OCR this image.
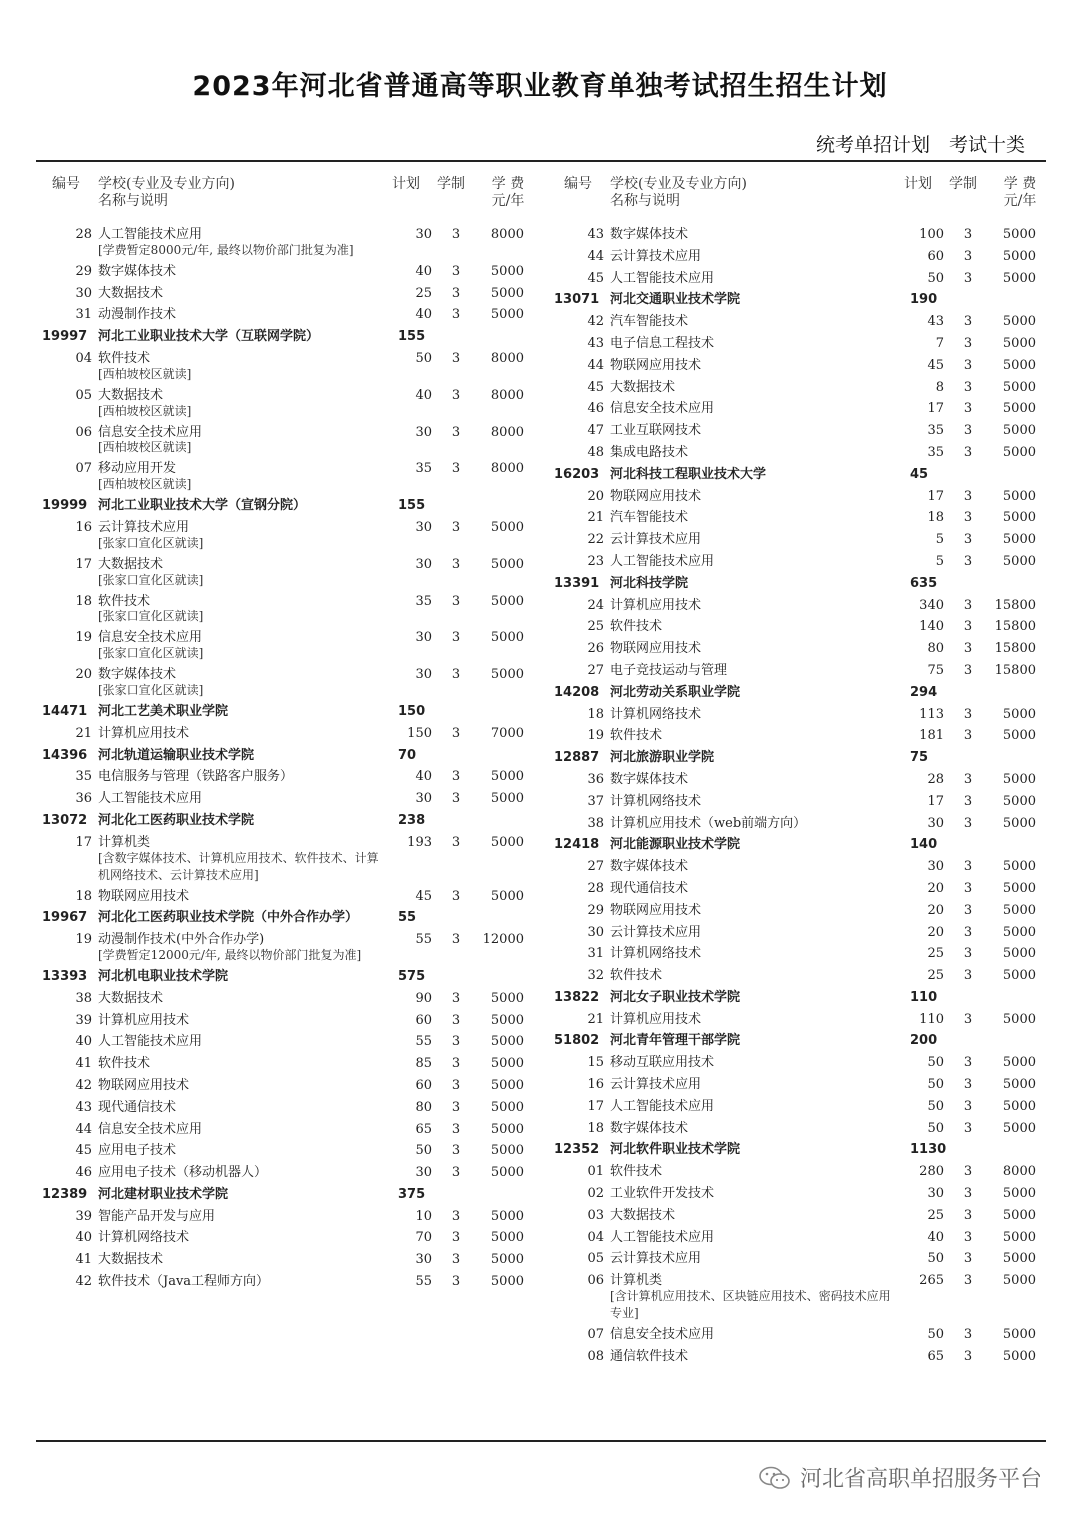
2023年河北省普通高等职业教育单独考试招生招生计划
统考单招计划　考试十类
编号 学校(专业及专业方向)
名称与说明
计划 学制	学 费
元/年
28 人工智能技术应用	30	3	8000
[学费暂定8000元/年, 最终以物价部门批复为准]
29 数字媒体技术	40	3	5000
30 大数据技术	25	3	5000
31 动漫制作技术	40	3	5000
19997 河北工业职业技术大学（互联网学院）	155
04 软件技术	50	3	8000
[西柏坡校区就读]
05 大数据技术	40	3	8000
[西柏坡校区就读]
06 信息安全技术应用	30	3	8000
[西柏坡校区就读]
07 移动应用开发	35	3	8000
[西柏坡校区就读]
19999 河北工业职业技术大学（宣钢分院）	155
16 云计算技术应用	30	3	5000
[张家口宣化区就读]
17 大数据技术	30	3	5000
[张家口宣化区就读]
18 软件技术	35	3	5000
[张家口宣化区就读]
19 信息安全技术应用	30	3	5000
[张家口宣化区就读]
20 数字媒体技术	30	3	5000
[张家口宣化区就读]
14471 河北工艺美术职业学院	150
21 计算机应用技术	150	3	7000
14396 河北轨道运输职业技术学院	70
35 电信服务与管理（铁路客户服务）	40	3	5000
36 人工智能技术应用	30	3	5000
13072 河北化工医药职业技术学院	238
17 计算机类	193	3	5000
[含数字媒体技术、计算机应用技术、软件技术、计算机网络技术、云计算技术应用]
18 物联网应用技术	45	3	5000
19967 河北化工医药职业技术学院（中外合作办学）	55
19 动漫制作技术(中外合作办学)	55	3	12000
[学费暂定12000元/年, 最终以物价部门批复为准]
13393 河北机电职业技术学院	575
38 大数据技术	90	3	5000
39 计算机应用技术	60	3	5000
40 人工智能技术应用	55	3	5000
41 软件技术	85	3	5000
42 物联网应用技术	60	3	5000
43 现代通信技术	80	3	5000
44 信息安全技术应用	65	3	5000
45 应用电子技术	50	3	5000
46 应用电子技术（移动机器人）	30	3	5000
12389 河北建材职业技术学院	375
39 智能产品开发与应用	10	3	5000
40 计算机网络技术	70	3	5000
41 大数据技术	30	3	5000
42 软件技术（Java工程师方向）	55	3	5000
编号 学校(专业及专业方向)
名称与说明
计划 学制	学 费
元/年
43 数字媒体技术	100	3	5000
44 云计算技术应用	60	3	5000
45 人工智能技术应用	50	3	5000
13071 河北交通职业技术学院	190
42 汽车智能技术	43	3	5000
43 电子信息工程技术	7	3	5000
44 物联网应用技术	45	3	5000
45 大数据技术	8	3	5000
46 信息安全技术应用	17	3	5000
47 工业互联网技术	35	3	5000
48 集成电路技术	35	3	5000
16203 河北科技工程职业技术大学	45
20 物联网应用技术	17	3	5000
21 汽车智能技术	18	3	5000
22 云计算技术应用	5	3	5000
23 人工智能技术应用	5	3	5000
13391 河北科技学院	635
24 计算机应用技术	340	3	15800
25 软件技术	140	3	15800
26 物联网应用技术	80	3	15800
27 电子竞技运动与管理	75	3	15800
14208 河北劳动关系职业学院	294
18 计算机网络技术	113	3	5000
19 软件技术	181	3	5000
12887 河北旅游职业学院	75
36 数字媒体技术	28	3	5000
37 计算机网络技术	17	3	5000
38 计算机应用技术（web前端方向）	30	3	5000
12418 河北能源职业技术学院	140
27 数字媒体技术	30	3	5000
28 现代通信技术	20	3	5000
29 物联网应用技术	20	3	5000
30 云计算技术应用	20	3	5000
31 计算机网络技术	25	3	5000
32 软件技术	25	3	5000
13822 河北女子职业技术学院	110
21 计算机应用技术	110	3	5000
51802 河北青年管理干部学院	200
15 移动互联应用技术	50	3	5000
16 云计算技术应用	50	3	5000
17 人工智能技术应用	50	3	5000
18 数字媒体技术	50	3	5000
12352 河北软件职业技术学院	1130
01 软件技术	280	3	8000
02 工业软件开发技术	30	3	5000
03 大数据技术	25	3	5000
04 人工智能技术应用	40	3	5000
05 云计算技术应用	50	3	5000
06 计算机类	265	3	5000
[含计算机应用技术、区块链应用技术、密码技术应用专业]
07 信息安全技术应用	50	3	5000
08 通信软件技术	65	3	5000
河北省高职单招服务平台
